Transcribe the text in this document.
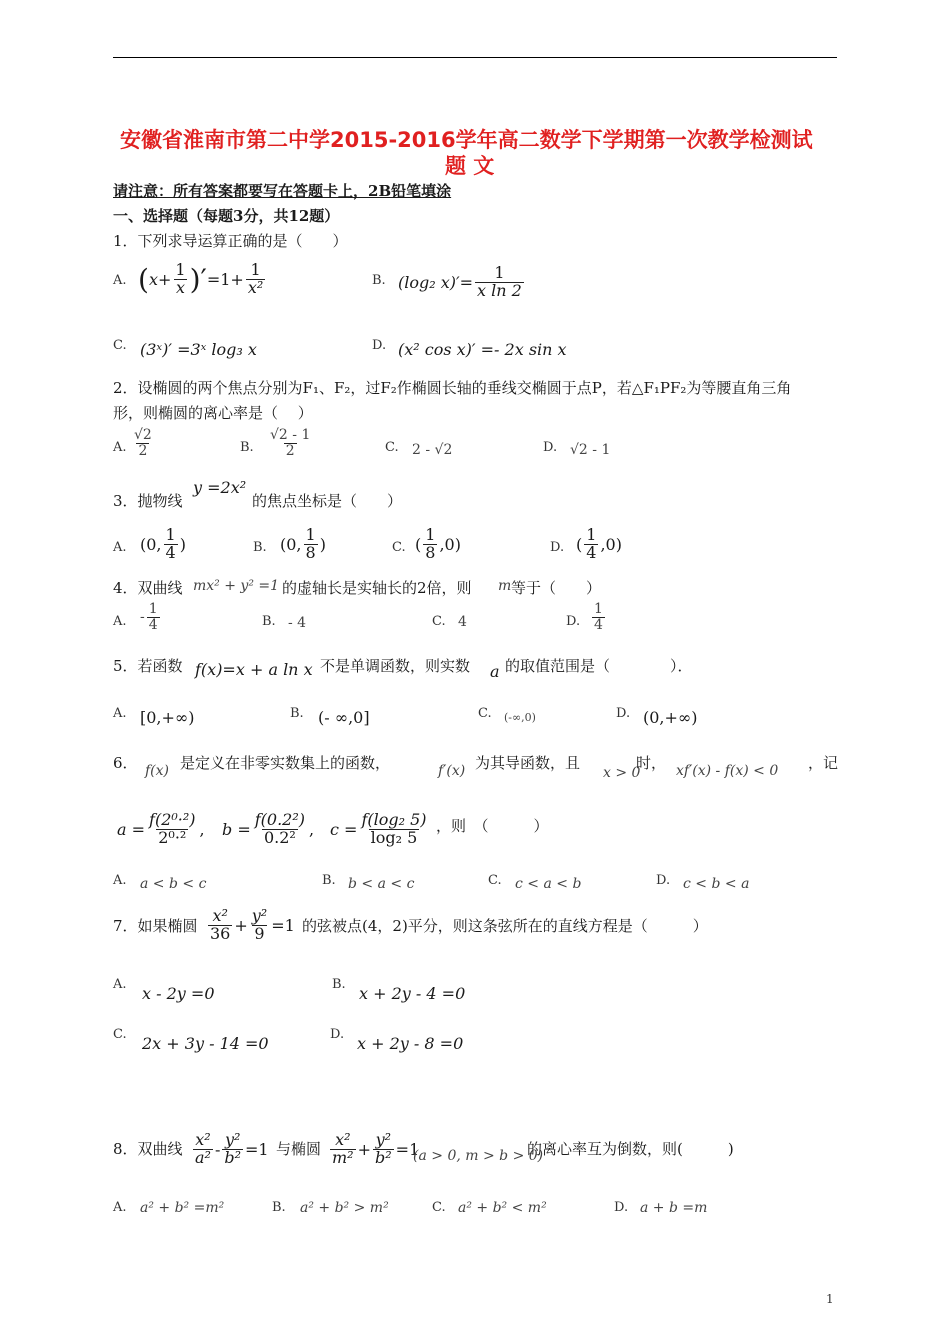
安徽省淮南市第二中学2015-2016学年高二数学下学期第一次教学检测试
题 文
请注意：所有答案都要写在答题卡上，2B铅笔填涂
一、选择题（每题3分，共12题）
1．下列求导运算正确的是（　　）
A. ( $x + \frac{1}{x}$ )′ $=1+ \frac{1}{\text{x²}}$	B. (log₂ $x)' = \frac{1}{\text{x ln 2}}$
C. (3ˣ)′ =3ˣ log₃ x	D. (x² cos x)′ =- 2x sin x
2．设椭圆的两个焦点分别为F₁、F₂，过F₂作椭圆长轴的垂线交椭圆于点P，若△F₁PF₂为等腰直角三角
形，则椭圆的离心率是（　 ）
A. $\frac{√2}{2}$	B. $\frac{√2 - 1}{2}$	C. 2 - √2	D. √2 - 1
3．抛物线
y =2x²
的焦点坐标是（　　）
A. (0, $\frac{1}{4}$ )	B. (0, $\frac{1}{8}$ )	C. ( $\frac{1}{8} ,0$)	D. ( $\frac{1}{4} ,0$)
4．双曲线 mx² + y² =1 的虚轴长是实轴长的2倍，则 m 等于（　　）
A. - $\frac{1}{4}$	B. - 4	C. 4	D. $\frac{1}{4}$
5．若函数 f(x)=x + a ln x 不是单调函数，则实数 a 的取值范围是（　　　　）．
A. [0,+∞)	B. (- ∞,0]	C. (-∞,0)	D. (0,+∞)
6． f(x) 是定义在非零实数集上的函数，	f′(x) 为其导函数，且
x > 0
时， xf′(x) - f(x) < 0 ，记
$a = \frac{\text{f(2⁰·²)}}{\text{2⁰·²}}$ , $b = \frac{\text{f(0.2²)}}{\text{0.2²}}$ , $c = \frac{\text{f(log₂ 5)}}{\text{log₂ 5}}$ ，则　（　　　）
A. a < b < c	B. b < a < c	C. c < a < b	D. c < b < a
7．如果椭圆 $\frac{\text{x²}}{36} + \frac{\text{y²}}{9} =1$ 的弦被点(4，2)平分，则这条弦所在的直线方程是（　　　）
A. x - 2y =0	B. x + 2y - 4 =0
C. 2x + 3y - 14 =0	D. x + 2y - 8 =0
8．双曲线 $\frac{\text{x²}}{\text{a²}} - \frac{\text{y²}}{\text{b²}} =1$ 与椭圆 $\frac{\text{x²}}{\text{m²}} + \frac{\text{y²}}{\text{b²}} =1$
(a > 0, m > b > 0)
的离心率互为倒数，则(　　　)
A. a² + b² =m²	B. a² + b² > m²	C. a² + b² < m²	D. a + b =m
1
